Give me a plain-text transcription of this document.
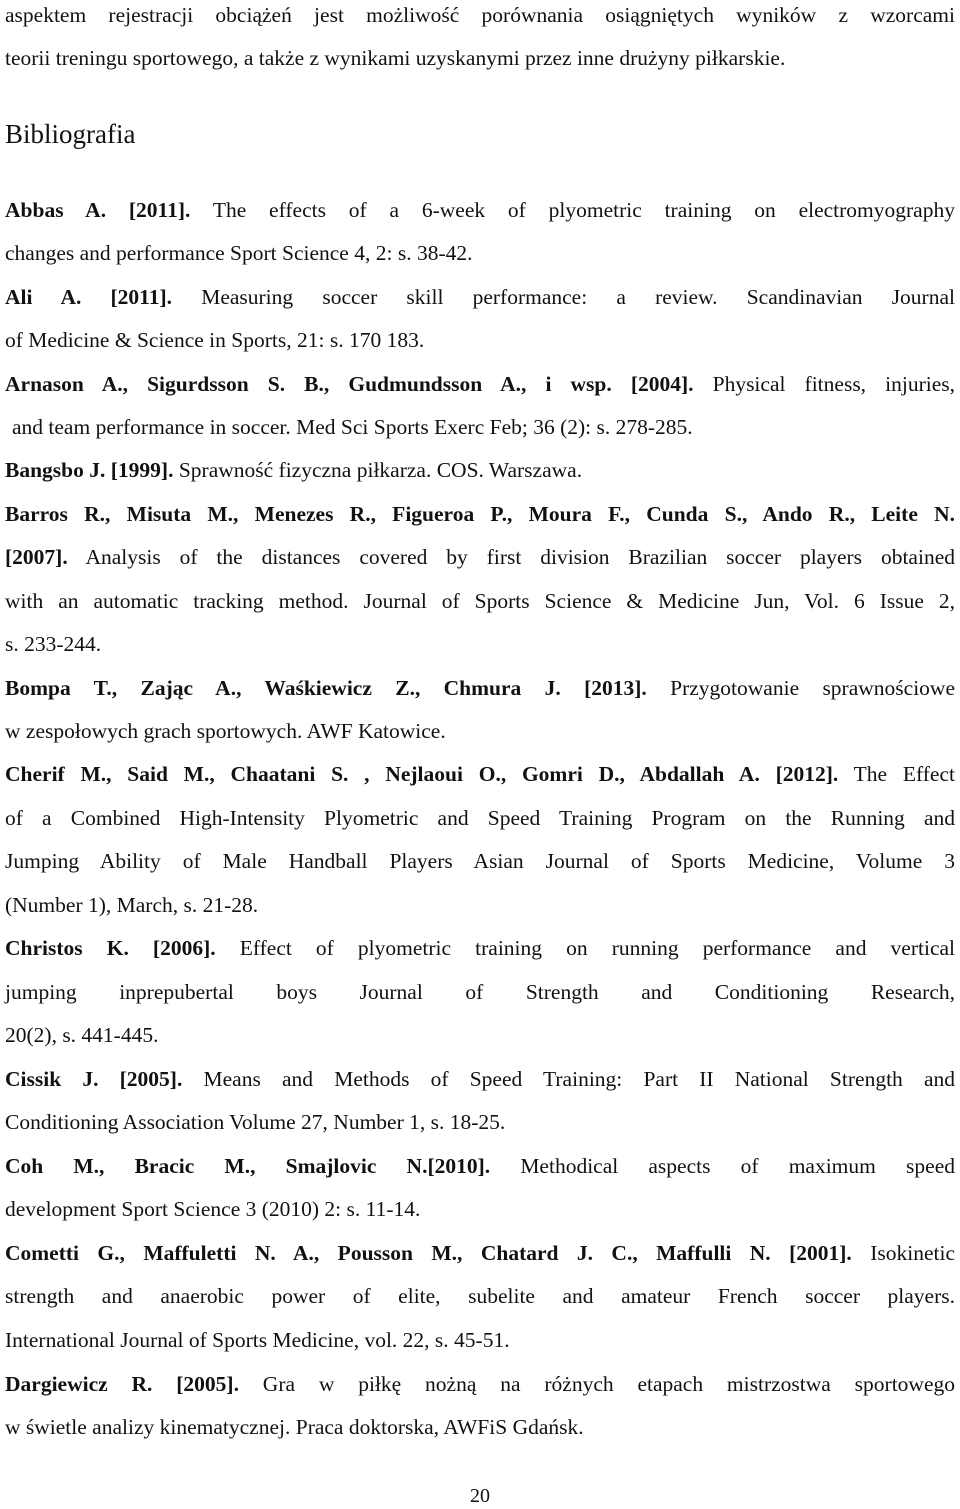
aspektem rejestracji obciążeń jest możliwość porównania osiągniętych wyników z wzorcami

teorii treningu sportowego, a także z wynikami uzyskanymi przez inne drużyny piłkarskie.

Bibliografia

Abbas A. [2011]. The effects of a 6-week of plyometric training on electromyography

changes and performance Sport Science 4, 2: s. 38-42.

Ali A. [2011]. Measuring soccer skill performance: a review. Scandinavian Journal

of Medicine & Science in Sports, 21: s. 170 183.

Arnason A., Sigurdsson S. B., Gudmundsson A., i wsp. [2004]. Physical fitness, injuries,

and team performance in soccer. Med Sci Sports Exerc Feb; 36 (2): s. 278-285.

Bangsbo J. [1999]. Sprawność fizyczna piłkarza. COS. Warszawa.

Barros R., Misuta M., Menezes R., Figueroa P., Moura F., Cunda S., Ando R., Leite N.

[2007]. Analysis of the distances covered by first division Brazilian soccer players obtained

with an automatic tracking method. Journal of Sports Science & Medicine Jun, Vol. 6 Issue 2,

s. 233-244.

Bompa T., Zając A., Waśkiewicz Z., Chmura J. [2013]. Przygotowanie sprawnościowe

w zespołowych grach sportowych. AWF Katowice.

Cherif M., Said M., Chaatani S. , Nejlaoui O., Gomri D., Abdallah A. [2012]. The Effect

of a Combined High-Intensity Plyometric and Speed Training Program on the Running and

Jumping Ability of Male Handball Players Asian Journal of Sports Medicine, Volume 3

(Number 1), March, s. 21-28.

Christos K. [2006]. Effect of plyometric training on running performance and vertical

jumping inprepubertal boys Journal of Strength and Conditioning Research,

20(2), s. 441-445.

Cissik J. [2005]. Means and Methods of Speed Training: Part II National Strength and

Conditioning Association Volume 27, Number 1, s. 18-25.

Coh M., Bracic M., Smajlovic N.[2010]. Methodical aspects of maximum speed

development Sport Science 3 (2010) 2: s. 11-14.

Cometti G., Maffuletti N. A., Pousson M., Chatard J. C., Maffulli N. [2001]. Isokinetic

strength and anaerobic power of elite, subelite and amateur French soccer players.

International Journal of Sports Medicine, vol. 22, s. 45-51.

Dargiewicz R. [2005]. Gra w piłkę nożną na różnych etapach mistrzostwa sportowego

w świetle analizy kinematycznej. Praca doktorska, AWFiS Gdańsk.

20
